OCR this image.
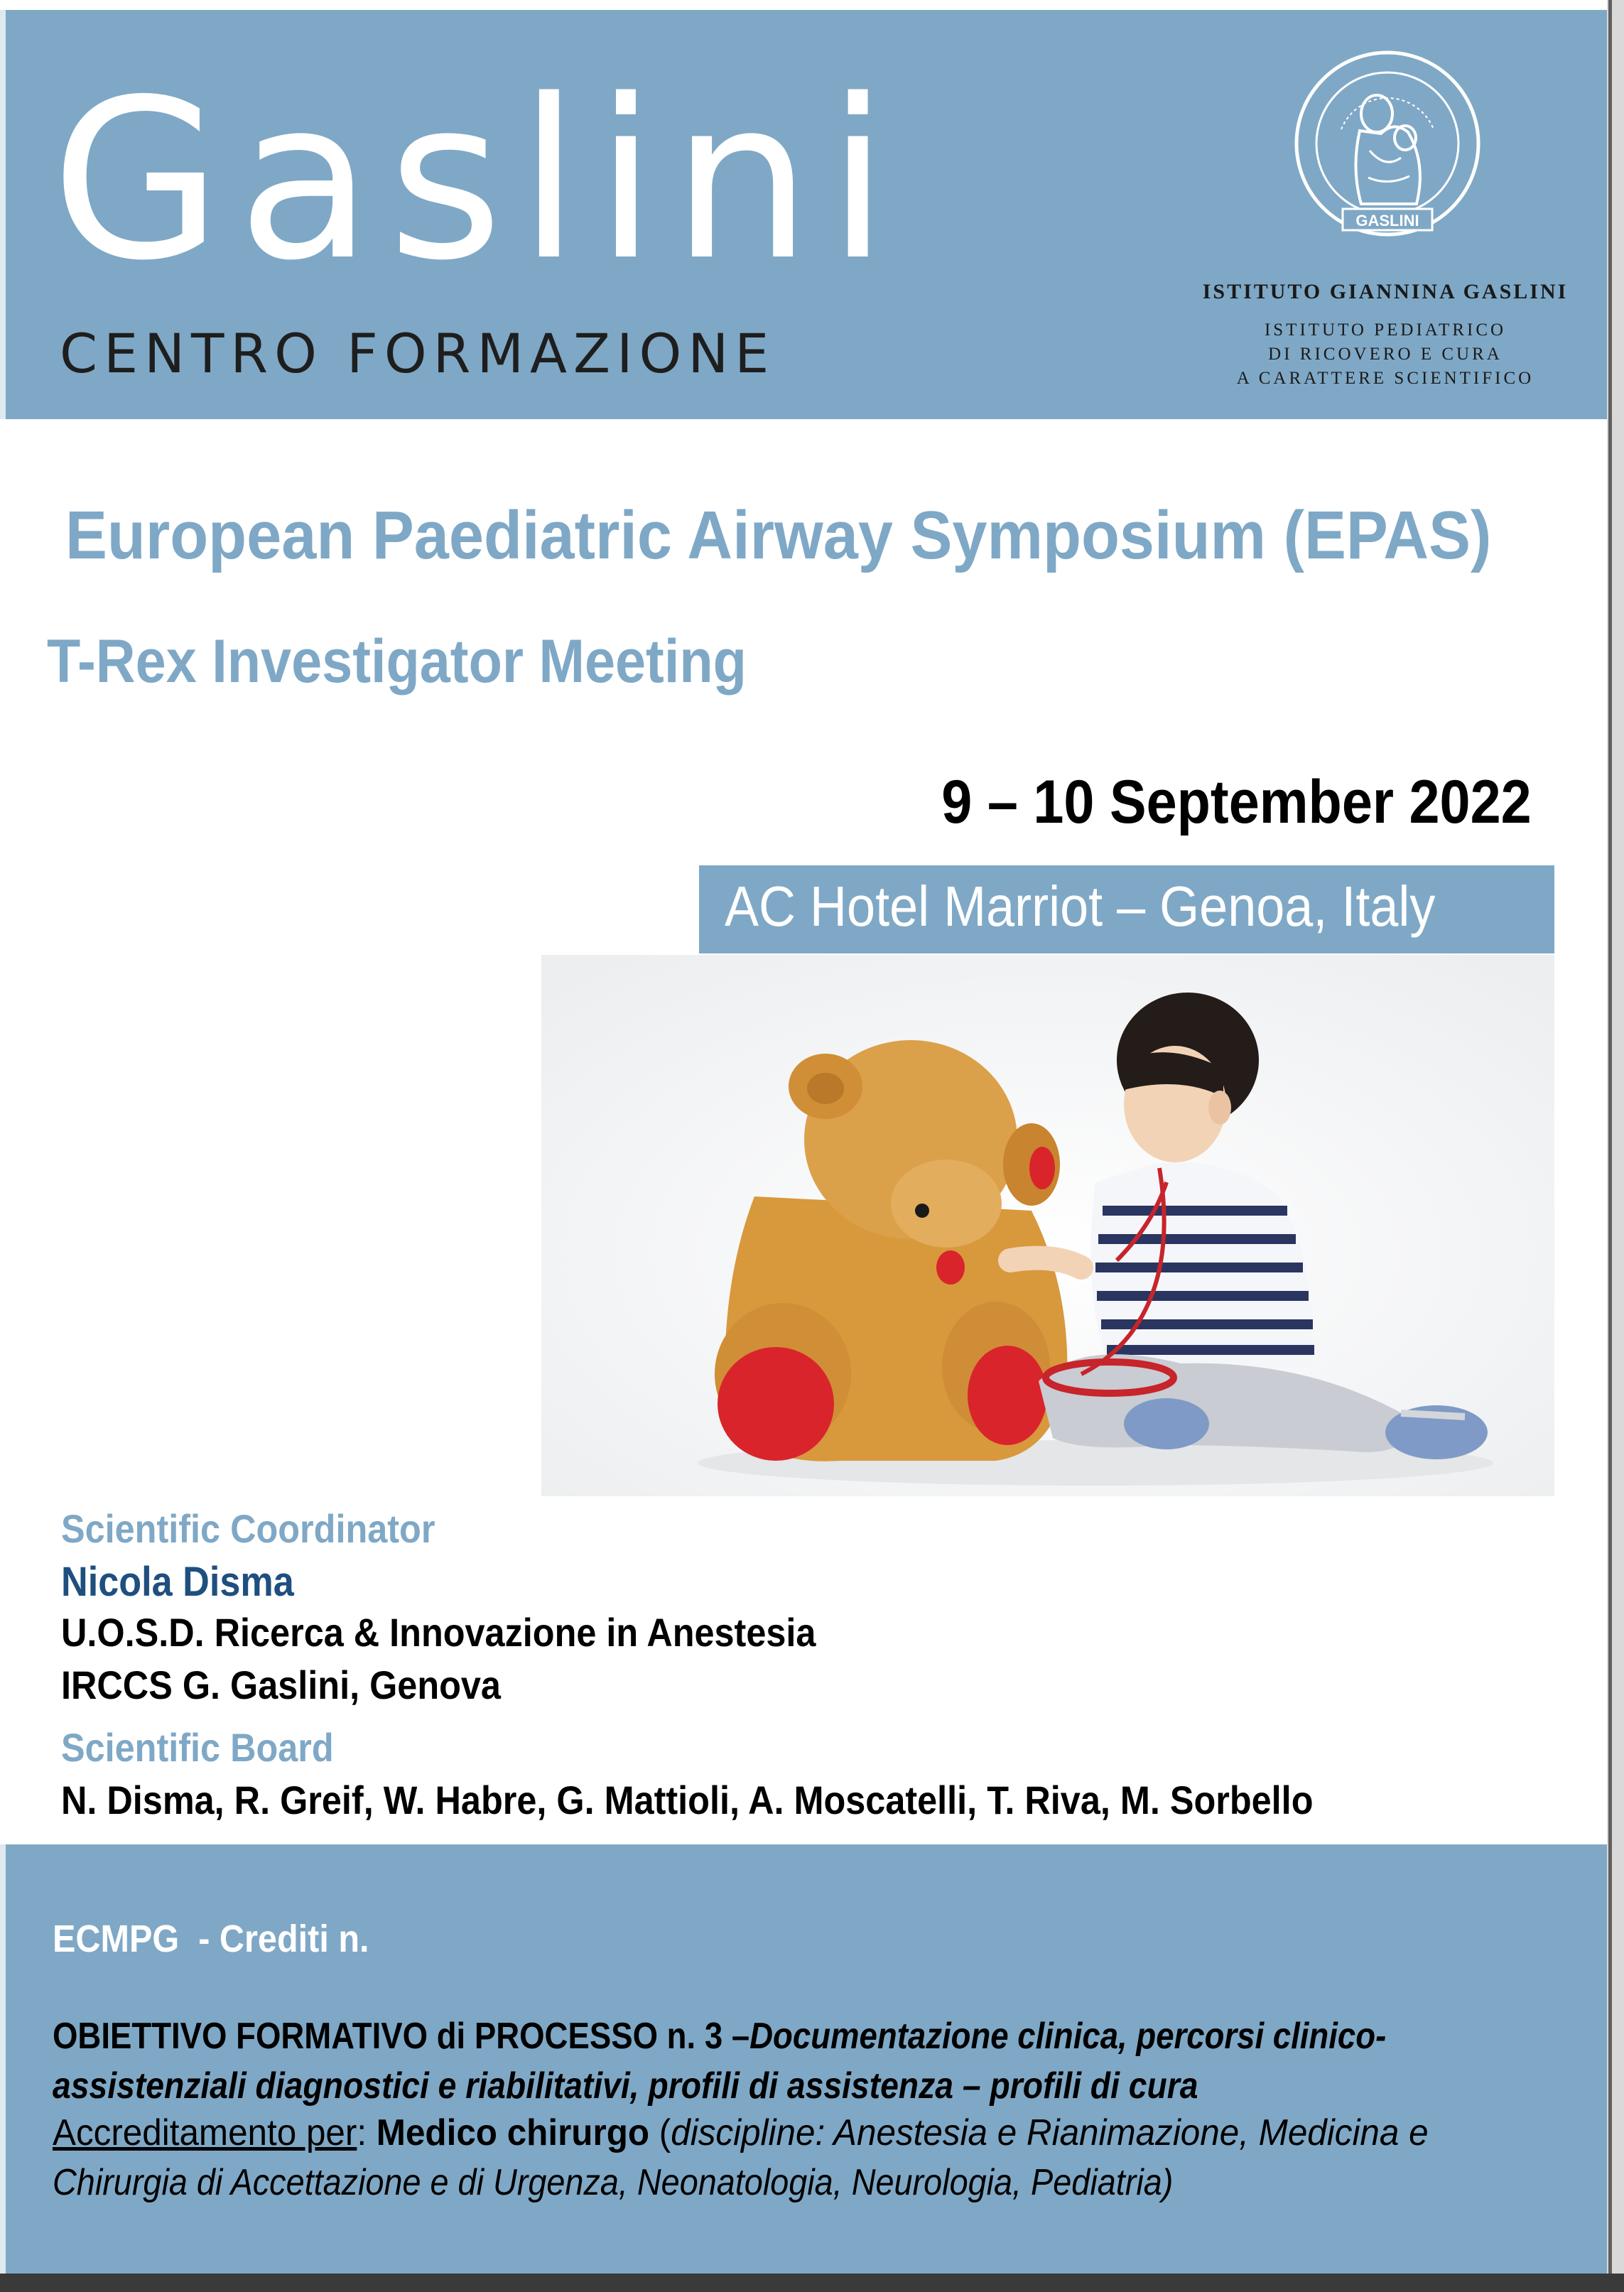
Gaslini

CENTRO FORMAZIONE

GASLINI

ISTITUTO GIANNINA GASLINI

ISTITUTO PEDIATRICO

DI RICOVERO E CURA

A CARATTERE SCIENTIFICO

European Paediatric Airway Symposium (EPAS)
T-Rex Investigator Meeting

9 – 10 September 2022

AC Hotel Marriot – Genoa, Italy

Scientific Coordinator

Nicola Disma

U.O.S.D. Ricerca & Innovazione in Anestesia

IRCCS G. Gaslini, Genova

Scientific Board

N. Disma, R. Greif, W. Habre, G. Mattioli, A. Moscatelli, T. Riva, M. Sorbello

ECMPG  - Crediti n.

OBIETTIVO FORMATIVO di PROCESSO n. 3 –Documentazione clinica, percorsi clinico-

assistenziali diagnostici e riabilitativi, profili di assistenza – profili di cura

Accreditamento per: Medico chirurgo (discipline: Anestesia e Rianimazione, Medicina e

Chirurgia di Accettazione e di Urgenza, Neonatologia, Neurologia, Pediatria)
